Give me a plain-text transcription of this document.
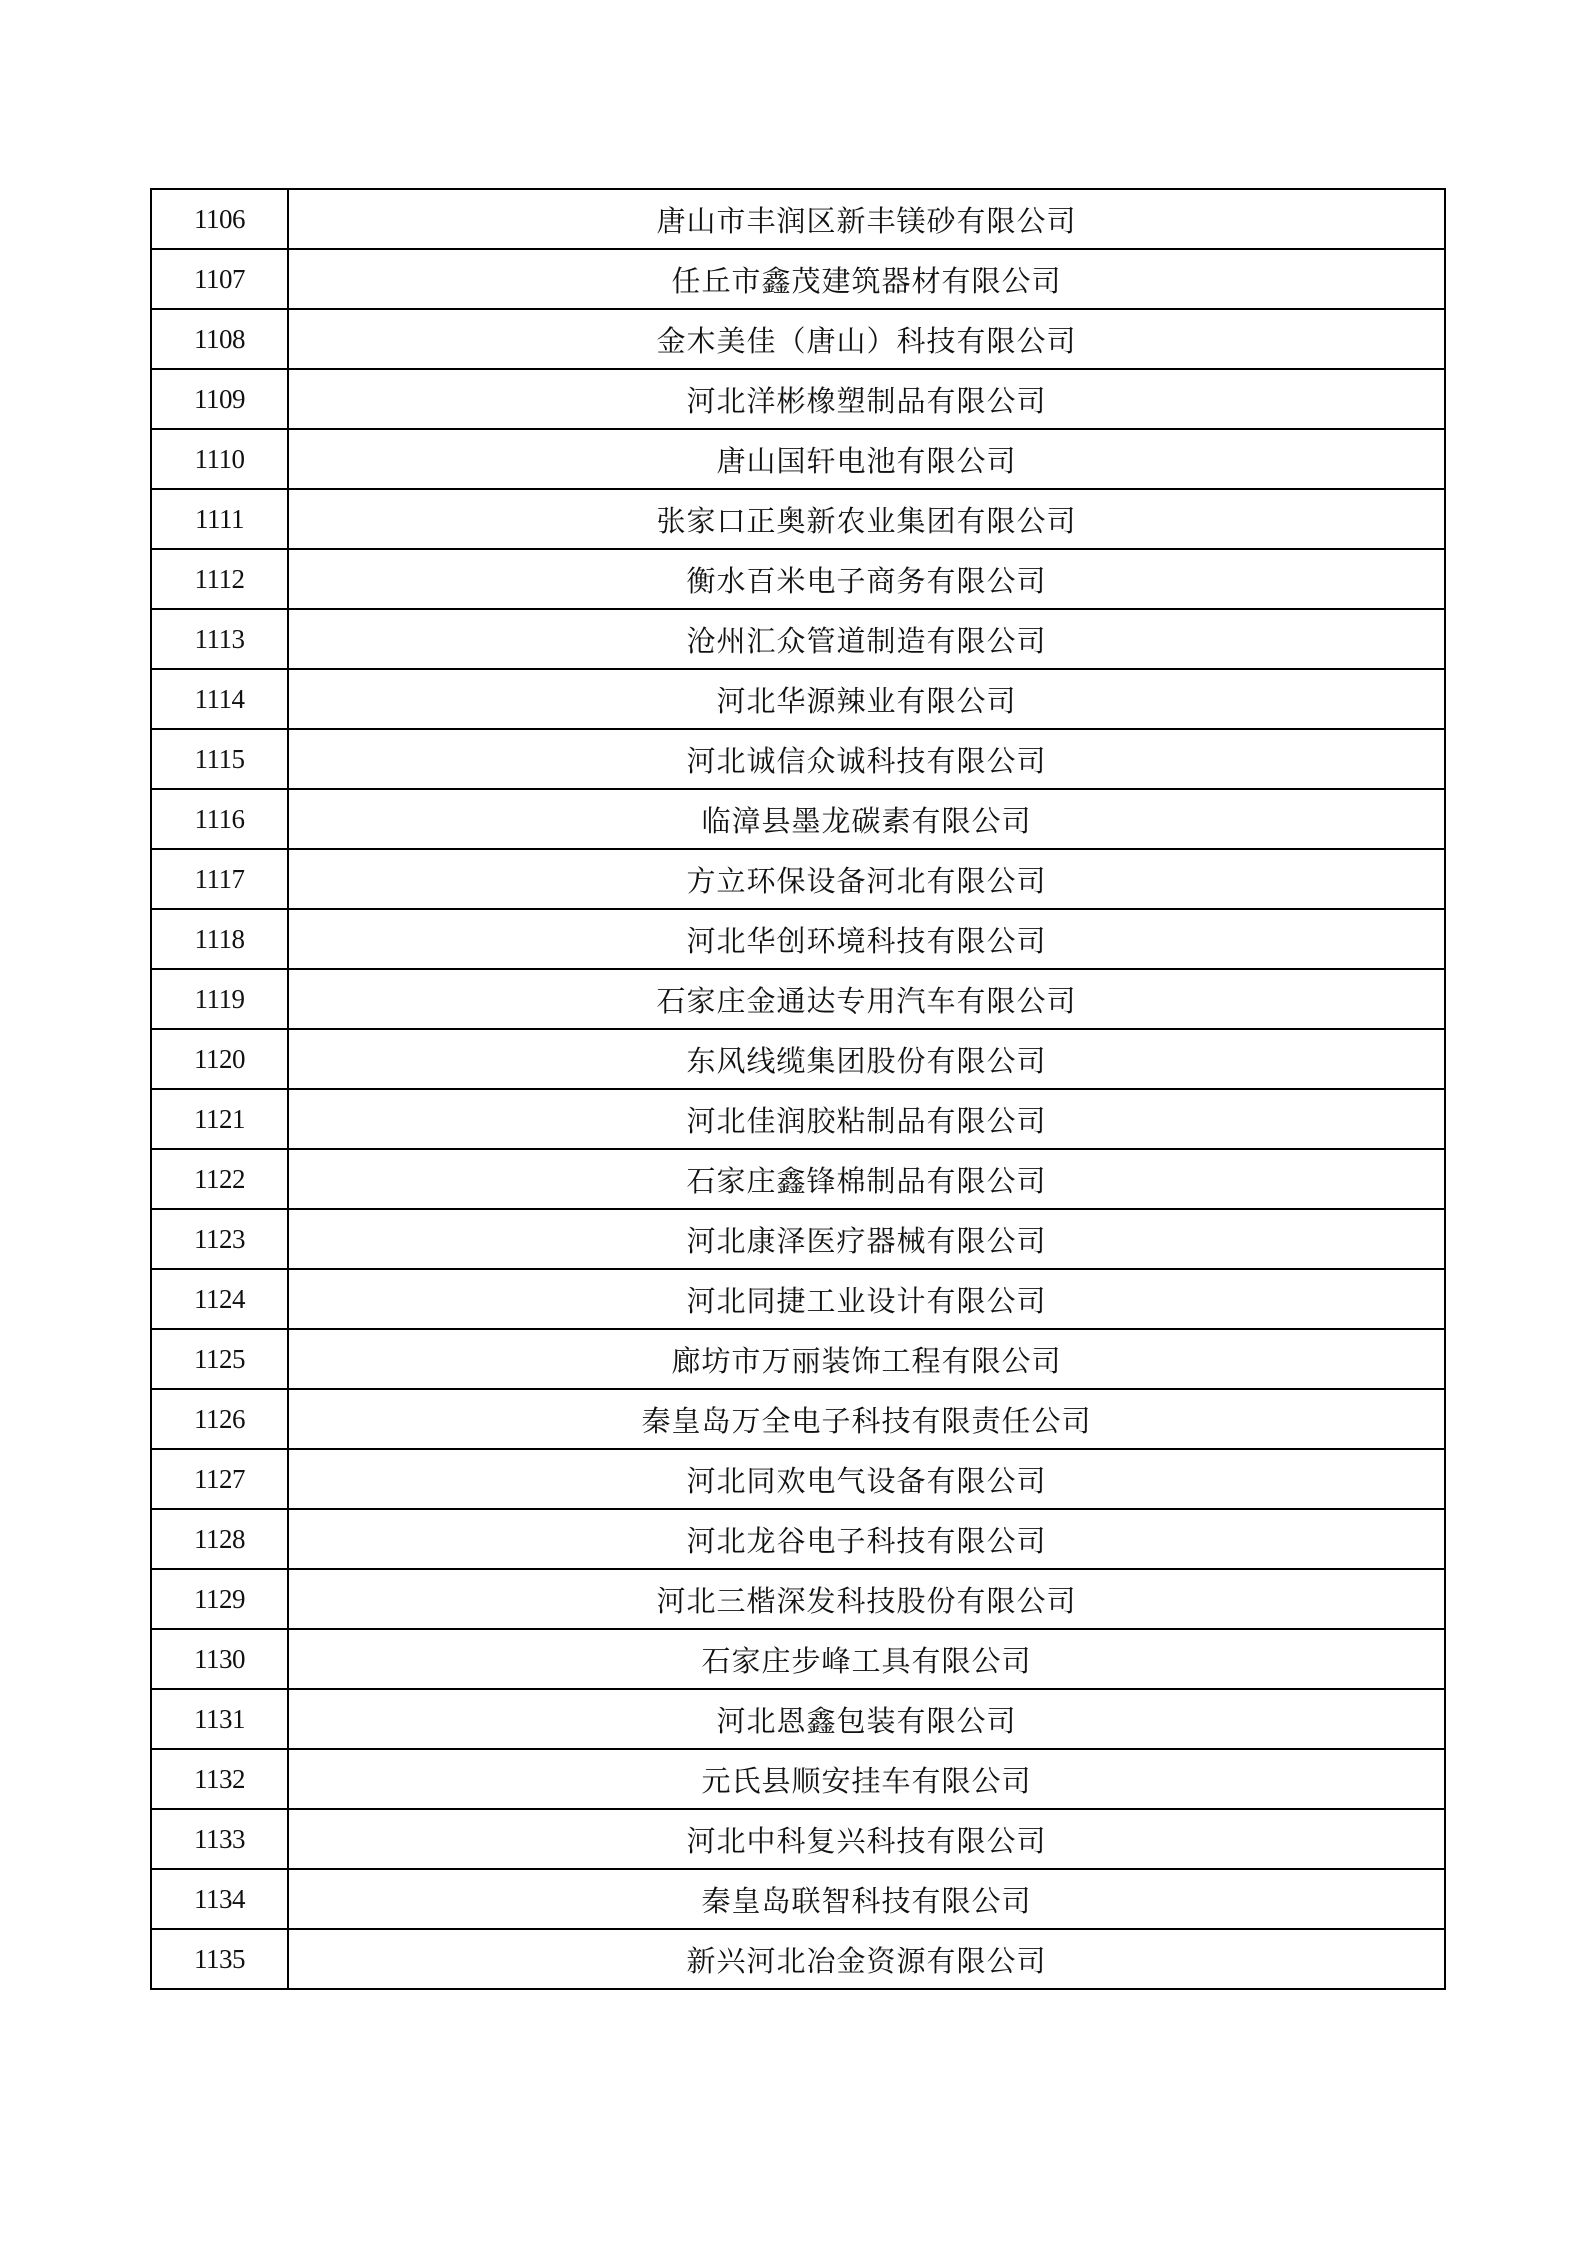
1106	唐山市丰润区新丰镁砂有限公司
1107	任丘市鑫茂建筑器材有限公司
1108	金木美佳（唐山）科技有限公司
1109	河北洋彬橡塑制品有限公司
1110	唐山国轩电池有限公司
1111	张家口正奥新农业集团有限公司
1112	衡水百米电子商务有限公司
1113	沧州汇众管道制造有限公司
1114	河北华源辣业有限公司
1115	河北诚信众诚科技有限公司
1116	临漳县墨龙碳素有限公司
1117	方立环保设备河北有限公司
1118	河北华创环境科技有限公司
1119	石家庄金通达专用汽车有限公司
1120	东风线缆集团股份有限公司
1121	河北佳润胶粘制品有限公司
1122	石家庄鑫锋棉制品有限公司
1123	河北康泽医疗器械有限公司
1124	河北同捷工业设计有限公司
1125	廊坊市万丽装饰工程有限公司
1126	秦皇岛万全电子科技有限责任公司
1127	河北同欢电气设备有限公司
1128	河北龙谷电子科技有限公司
1129	河北三楷深发科技股份有限公司
1130	石家庄步峰工具有限公司
1131	河北恩鑫包装有限公司
1132	元氏县顺安挂车有限公司
1133	河北中科复兴科技有限公司
1134	秦皇岛联智科技有限公司
1135	新兴河北冶金资源有限公司
